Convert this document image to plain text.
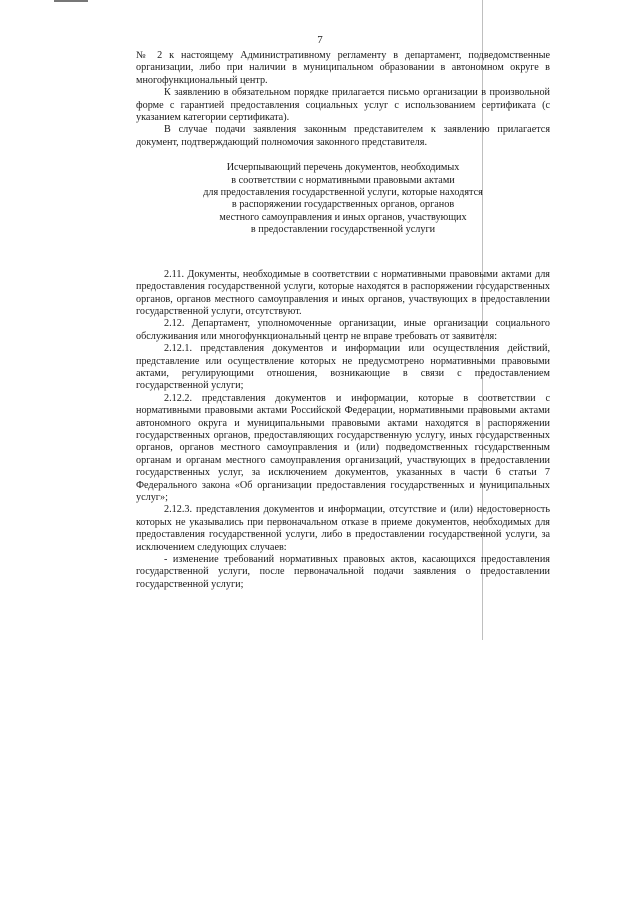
7

№ 2 к настоящему Административному регламенту в департамент, подведомственные организации, либо при наличии в муниципальном образовании в автономном округе в многофункциональный центр.

К заявлению в обязательном порядке прилагается письмо организации в произвольной форме с гарантией предоставления социальных услуг с использованием сертификата (с указанием категории сертификата).

В случае подачи заявления законным представителем к заявлению прилагается документ, подтверждающий полномочия законного представителя.

Исчерпывающий перечень документов, необходимых
в соответствии с нормативными правовыми актами
для предоставления государственной услуги, которые находятся
в распоряжении государственных органов, органов
местного самоуправления и иных органов, участвующих
в предоставлении государственной услуги

2.11. Документы, необходимые в соответствии с нормативными правовыми актами для предоставления государственной услуги, которые находятся в распоряжении государственных органов, органов местного самоуправления и иных органов, участвующих в предоставлении государственной услуги, отсутствуют.

2.12. Департамент, уполномоченные организации, иные организации социального обслуживания или многофункциональный центр не вправе требовать от заявителя:

2.12.1. представления документов и информации или осуществления действий, представление или осуществление которых не предусмотрено нормативными правовыми актами, регулирующими отношения, возникающие в связи с предоставлением государственной услуги;

2.12.2. представления документов и информации, которые в соответствии с нормативными правовыми актами Российской Федерации, нормативными правовыми актами автономного округа и муниципальными правовыми актами находятся в распоряжении государственных органов, предоставляющих государственную услугу, иных государственных органов, органов местного самоуправления и (или) подведомственных государственным органам и органам местного самоуправления организаций, участвующих в предоставлении государственных услуг, за исключением документов, указанных в части 6 статьи 7 Федерального закона «Об организации предоставления государственных и муниципальных услуг»;

2.12.3. представления документов и информации, отсутствие и (или) недостоверность которых не указывались при первоначальном отказе в приеме документов, необходимых для предоставления государственной услуги, либо в предоставлении государственной услуги, за исключением следующих случаев:

- изменение требований нормативных правовых актов, касающихся предоставления государственной услуги, после первоначальной подачи заявления о предоставлении государственной услуги;
